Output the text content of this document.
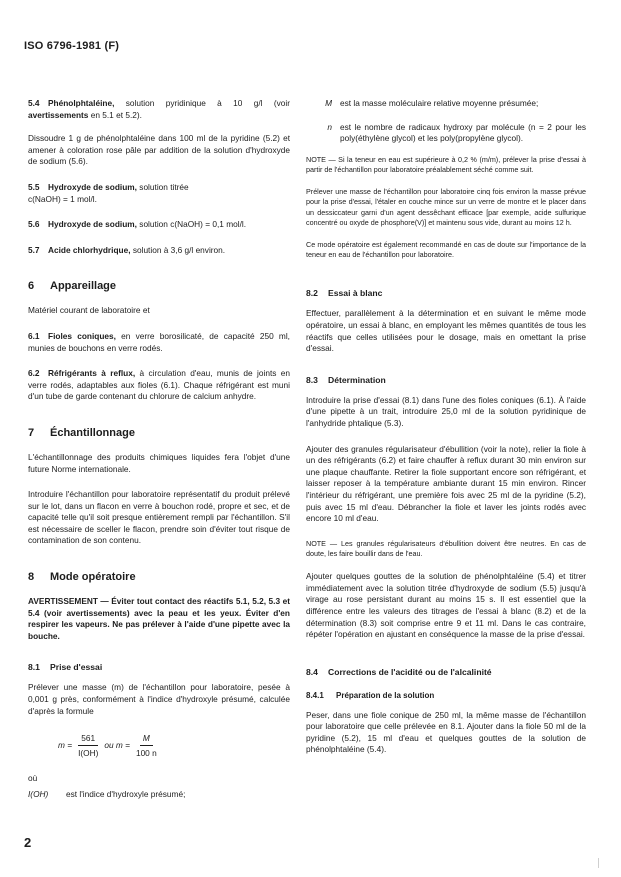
ISO 6796-1981 (F)

5.4 Phénolphtaléine, solution pyridinique à 10 g/l (voir avertissements en 5.1 et 5.2).

Dissoudre 1 g de phénolphtaléine dans 100 ml de la pyridine (5.2) et amener à coloration rose pâle par addition de la solution d'hydroxyde de sodium (5.6).

5.5 Hydroxyde de sodium, solution titrée
c(NaOH) = 1 mol/l.

5.6 Hydroxyde de sodium, solution c(NaOH) = 0,1 mol/l.

5.7 Acide chlorhydrique, solution à 3,6 g/l environ.

6 Appareillage

Matériel courant de laboratoire et

6.1 Fioles coniques, en verre borosilicaté, de capacité 250 ml, munies de bouchons en verre rodés.

6.2 Réfrigérants à reflux, à circulation d'eau, munis de joints en verre rodés, adaptables aux fioles (6.1). Chaque réfrigérant est muni d'un tube de garde contenant du chlorure de calcium anhydre.

7 Échantillonnage

L'échantillonnage des produits chimiques liquides fera l'objet d'une future Norme internationale.

Introduire l'échantillon pour laboratoire représentatif du produit prélevé sur le lot, dans un flacon en verre à bouchon rodé, propre et sec, et de capacité telle qu'il soit presque entièrement rempli par l'échantillon. S'il est nécessaire de sceller le flacon, prendre soin d'éviter tout risque de contamination de son contenu.

8 Mode opératoire

AVERTISSEMENT — Éviter tout contact des réactifs 5.1, 5.2, 5.3 et 5.4 (voir avertissements) avec la peau et les yeux. Éviter d'en respirer les vapeurs. Ne pas prélever à l'aide d'une pipette avec la bouche.

8.1 Prise d'essai

Prélever une masse (m) de l'échantillon pour laboratoire, pesée à 0,001 g près, conformément à l'indice d'hydroxyle présumé, calculée d'après la formule

$m = \frac{561}{I(OH)}$ ou $m = \frac{M}{100 n}$

où

I(OH)	est l'indice d'hydroxyle présumé;
M est la masse moléculaire relative moyenne présumée;
n est le nombre de radicaux hydroxy par molécule (n = 2 pour les poly(éthylène glycol) et les poly(propylène glycol).

NOTE — Si la teneur en eau est supérieure à 0,2 % (m/m), prélever la prise d'essai à partir de l'échantillon pour laboratoire préalablement séché comme suit.

Prélever une masse de l'échantillon pour laboratoire cinq fois environ la masse prévue pour la prise d'essai, l'étaler en couche mince sur un verre de montre et le placer dans un dessiccateur garni d'un agent dessêchant efficace [par exemple, acide sulfurique concentré ou oxyde de phosphore(V)] et maintenu sous vide, durant au moins 12 h.

Ce mode opératoire est également recommandé en cas de doute sur l'importance de la teneur en eau de l'échantillon pour laboratoire.

8.2 Essai à blanc

Effectuer, parallèlement à la détermination et en suivant le même mode opératoire, un essai à blanc, en employant les mêmes quantités de tous les réactifs que celles utilisées pour le dosage, mais en omettant la prise d'essai.

8.3 Détermination

Introduire la prise d'essai (8.1) dans l'une des fioles coniques (6.1). À l'aide d'une pipette à un trait, introduire 25,0 ml de la solution pyridinique de l'anhydride phtalique (5.3).

Ajouter des granules régularisateur d'ébullition (voir la note), relier la fiole à un des réfrigérants (6.2) et faire chauffer à reflux durant 30 min environ sur une plaque chauffante. Retirer la fiole supportant encore son réfrigérant, et laisser reposer à la température ambiante durant 15 min environ. Rincer l'intérieur du réfrigérant, une première fois avec 25 ml de la pyridine (5.2), puis avec 15 ml d'eau. Débrancher la fiole et laver les joints rodés avec encore 10 ml d'eau.

NOTE — Les granules régularisateurs d'ébullition doivent être neutres. En cas de doute, les faire bouillir dans de l'eau.

Ajouter quelques gouttes de la solution de phénolphtaléine (5.4) et titrer immédiatement avec la solution titrée d'hydroxyde de sodium (5.5) jusqu'à virage au rose persistant durant au moins 15 s. Il est essentiel que la différence entre les valeurs des titrages de l'essai à blanc (8.2) et de la détermination (8.3) soit comprise entre 9 et 11 ml. Dans le cas contraire, répéter l'opération en ajustant en conséquence la masse de la prise d'essai.

8.4 Corrections de l'acidité ou de l'alcalinité
8.4.1 Préparation de la solution

Peser, dans une fiole conique de 250 ml, la même masse de l'échantillon pour laboratoire que celle prélevée en 8.1. Ajouter dans la fiole 50 ml de la pyridine (5.2), 15 ml d'eau et quelques gouttes de la solution de phénolphtaléine (5.4).

2
